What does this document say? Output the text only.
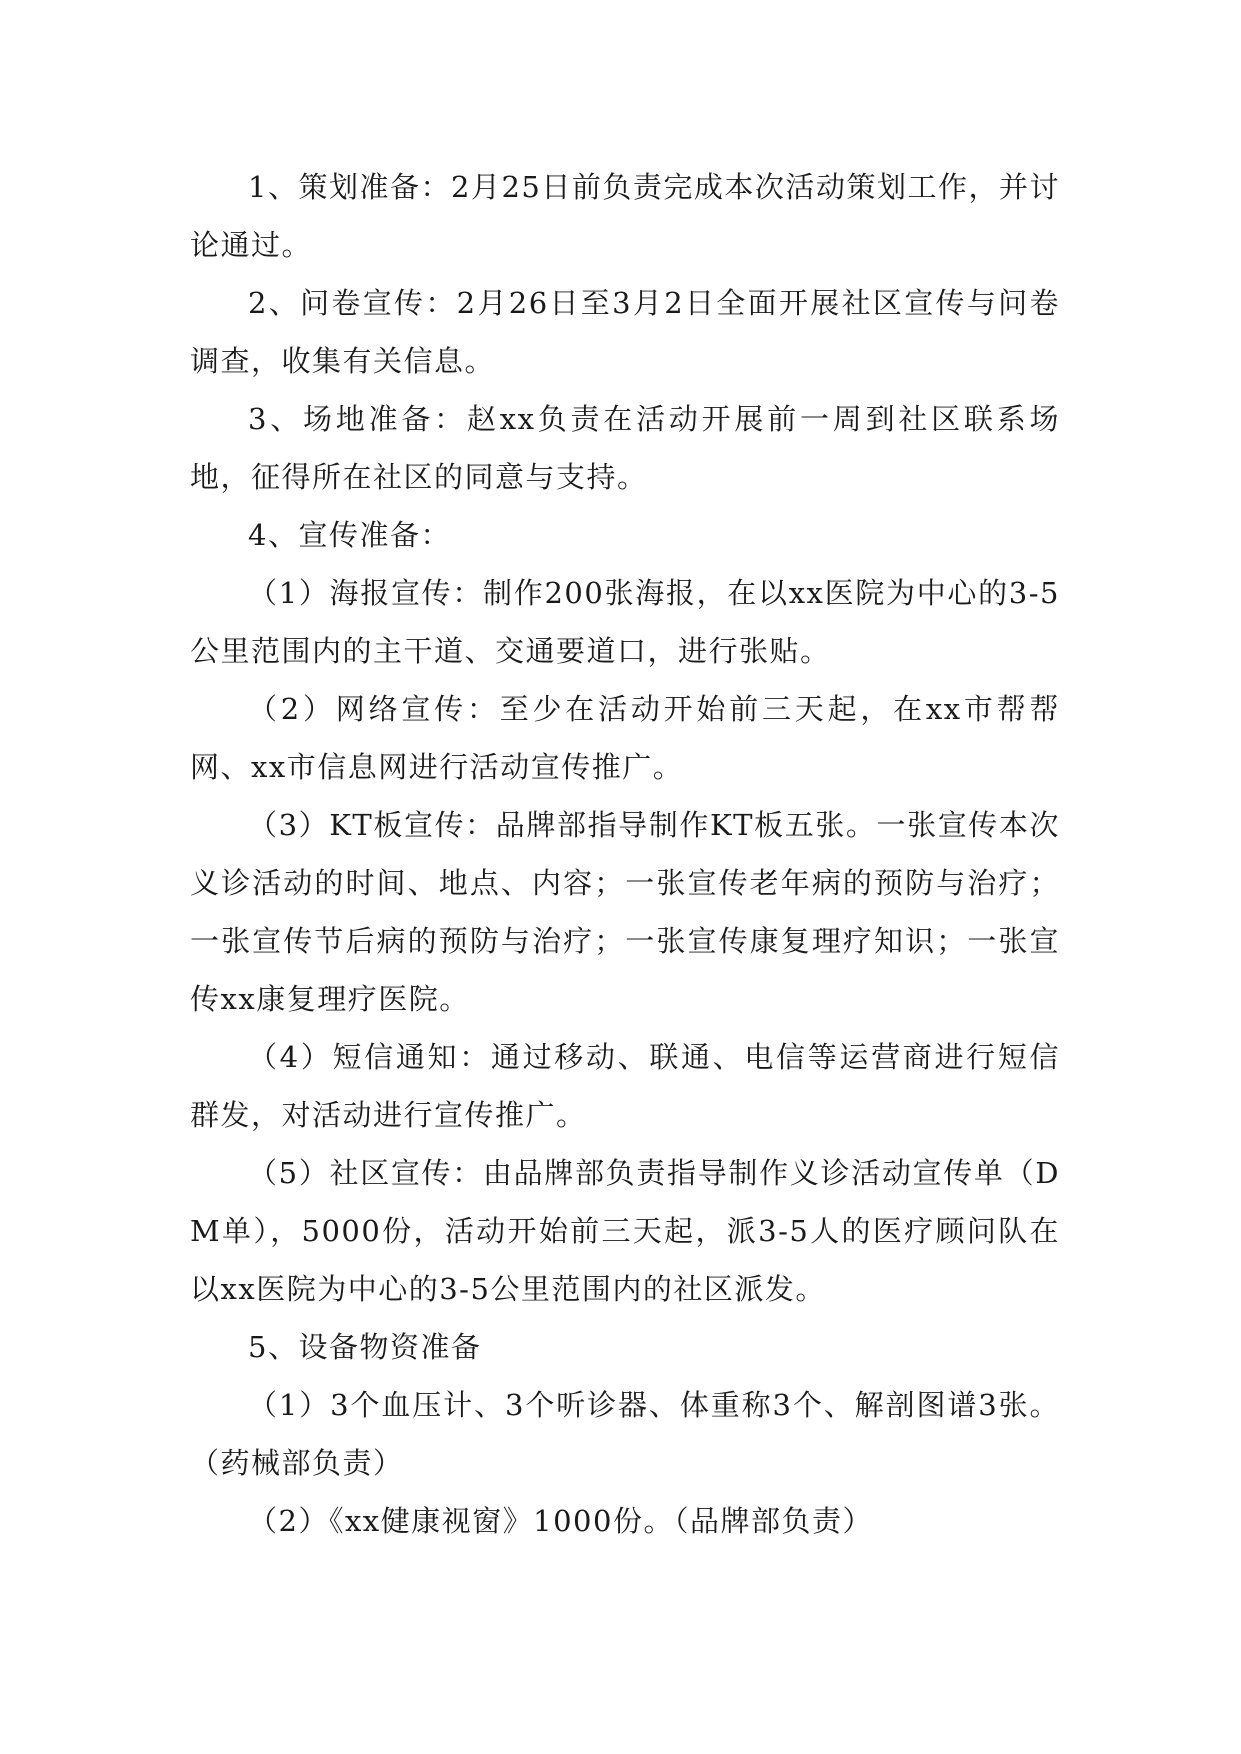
1、策划准备：2月25日前负责完成本次活动策划工作，并讨论通过。

2、问卷宣传：2月26日至3月2日全面开展社区宣传与问卷调查，收集有关信息。

3、场地准备：赵xx负责在活动开展前一周到社区联系场地，征得所在社区的同意与支持。

4、宣传准备：

（1）海报宣传：制作200张海报，在以xx医院为中心的3-5公里范围内的主干道、交通要道口，进行张贴。

（2）网络宣传：至少在活动开始前三天起，在xx市帮帮网、xx市信息网进行活动宣传推广。

（3）KT板宣传：品牌部指导制作KT板五张。一张宣传本次义诊活动的时间、地点、内容；一张宣传老年病的预防与治疗；一张宣传节后病的预防与治疗；一张宣传康复理疗知识；一张宣传xx康复理疗医院。

（4）短信通知：通过移动、联通、电信等运营商进行短信群发，对活动进行宣传推广。

（5）社区宣传：由品牌部负责指导制作义诊活动宣传单（DM单），5000份，活动开始前三天起，派3-5人的医疗顾问队在以xx医院为中心的3-5公里范围内的社区派发。

5、设备物资准备

（1）3个血压计、3个听诊器、体重称3个、解剖图谱3张。（药械部负责）

（2）《xx健康视窗》1000份。（品牌部负责）
